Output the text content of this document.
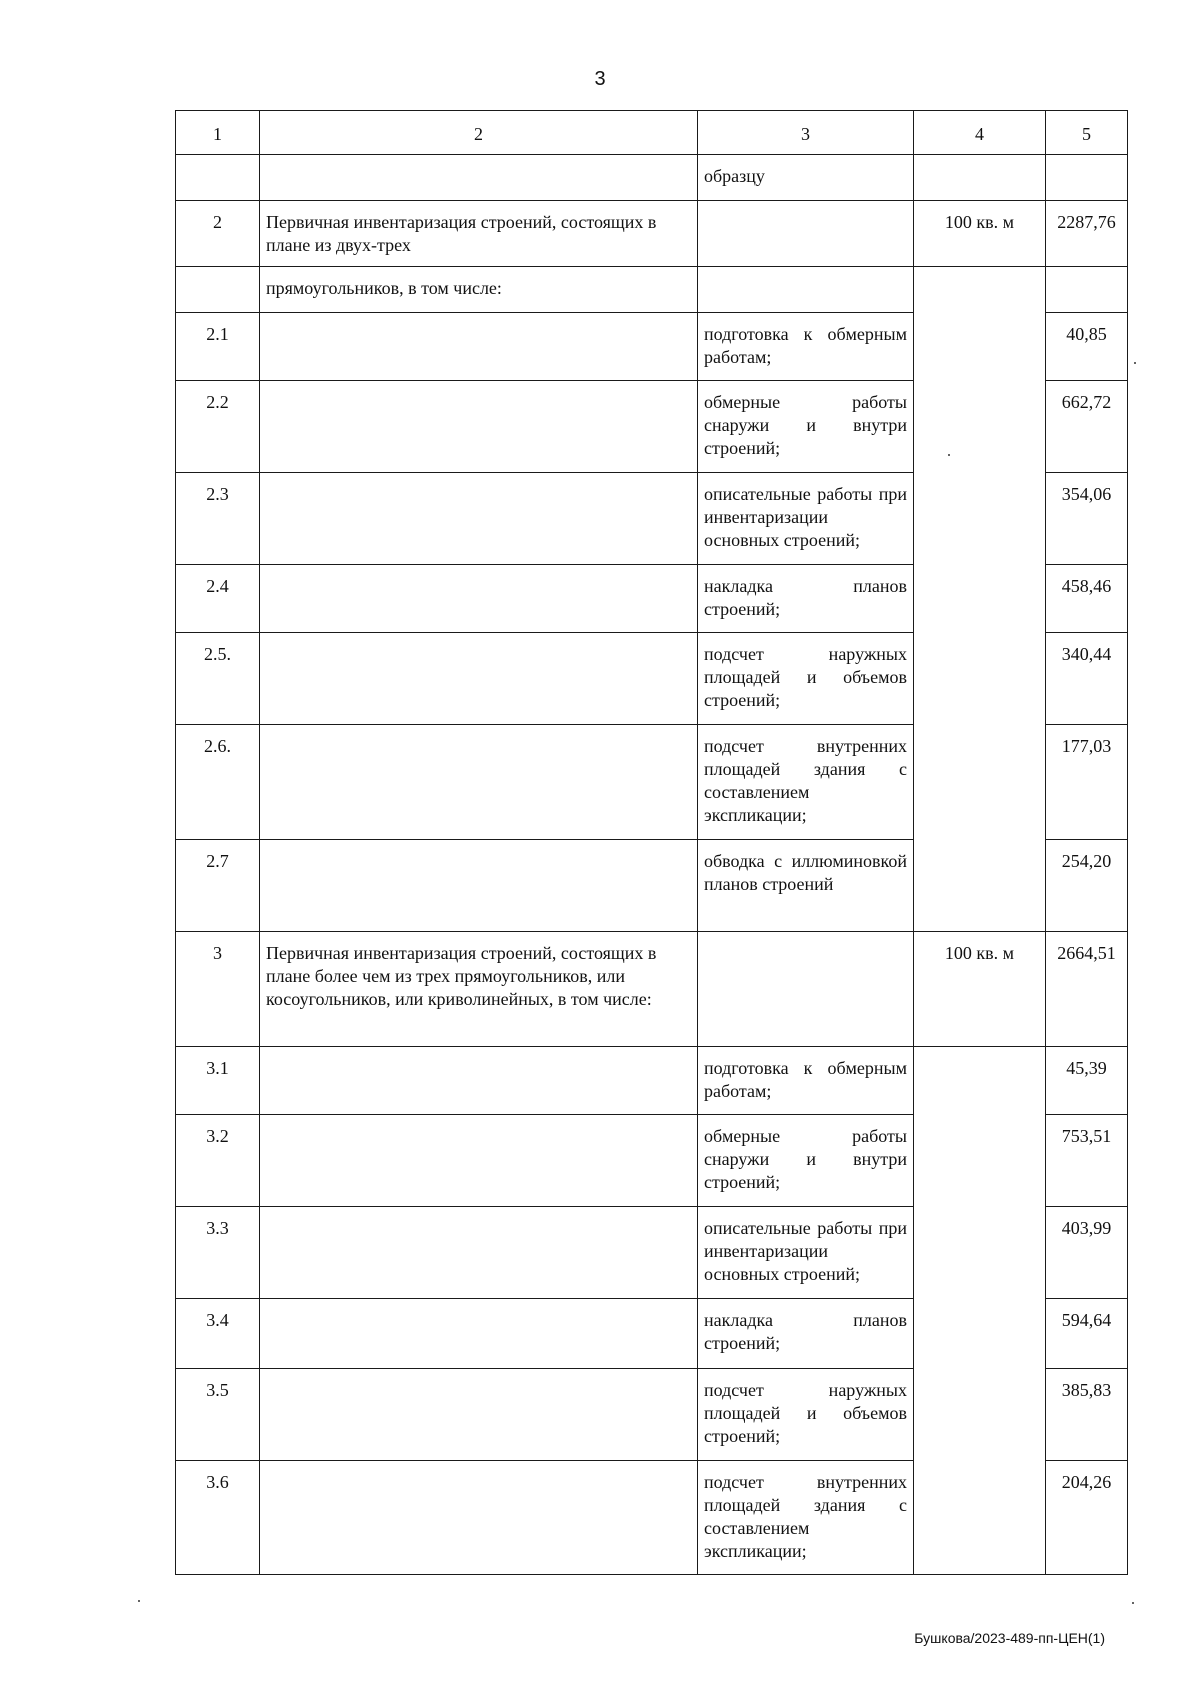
3
1	2	3	4	5
		образцу		
2	Первичная инвентаризация строений, состоящих в плане из двух-трех		100 кв. м	2287,76
	прямоугольников, в том числе:			
2.1		подготовка к обмерным работам;		40,85
2.2		обмерные работы снаружи и внутри строений;		662,72
2.3		описательные работы при инвентаризации основных строений;		354,06
2.4		накладка планов строений;		458,46
2.5.		подсчет наружных площадей и объемов строений;		340,44
2.6.		подсчет внутренних площадей здания с составлением экспликации;		177,03
2.7		обводка с иллюминовкой планов строений		254,20
3	Первичная инвентаризация строений, состоящих в плане более чем из трех прямоугольников, или косоугольников, или криволинейных, в том числе:		100 кв. м	2664,51
3.1		подготовка к обмерным работам;		45,39
3.2		обмерные работы снаружи и внутри строений;		753,51
3.3		описательные работы при инвентаризации основных строений;		403,99
3.4		накладка планов строений;		594,64
3.5		подсчет наружных площадей и объемов строений;		385,83
3.6		подсчет внутренних площадей здания с составлением экспликации;		204,26
Бушкова/2023-489-пп-ЦЕН(1)
